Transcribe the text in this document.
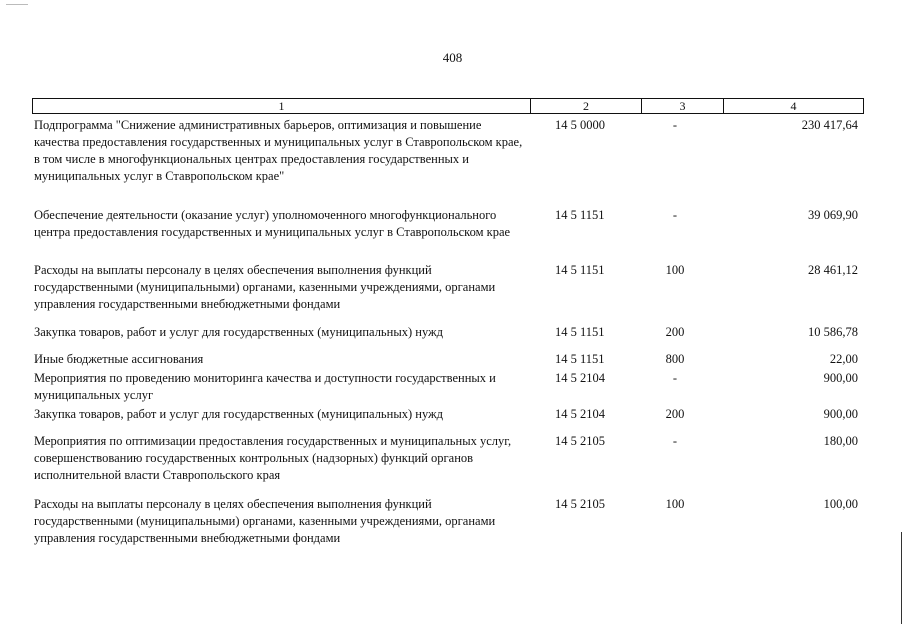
408
1	2	3	4
Подпрограмма "Снижение административных барьеров, оптимизация и повышение качества предоставления государственных и муниципальных услуг в Ставропольском крае, в том числе в многофункциональных центрах предоставления государственных и муниципальных услуг в Ставропольском крае"
14 5 0000	-	230 417,64
Обеспечение деятельности (оказание услуг) уполномоченного многофункционального центра предоставления государственных и муниципальных услуг в Ставропольском крае
14 5 1151	-	39 069,90
Расходы на выплаты персоналу в целях обеспечения выполнения функций государственными (муниципальными) органами, казенными учреждениями, органами управления государственными внебюджетными фондами
14 5 1151	100	28 461,12
Закупка товаров, работ и услуг для государственных (муниципальных) нужд	14 5 1151	200	10 586,78
Иные бюджетные ассигнования	14 5 1151	800	22,00
Мероприятия по проведению мониторинга качества и доступности государственных и муниципальных услуг
14 5 2104	-	900,00
Закупка товаров, работ и услуг для государственных (муниципальных) нужд	14 5 2104	200	900,00
Мероприятия по оптимизации предоставления государственных и муниципальных услуг, совершенствованию государственных контрольных (надзорных) функций органов исполнительной власти Ставропольского края
14 5 2105	-	180,00
Расходы на выплаты персоналу в целях обеспечения выполнения функций государственными (муниципальными) органами, казенными учреждениями, органами управления государственными внебюджетными фондами
14 5 2105	100	100,00
